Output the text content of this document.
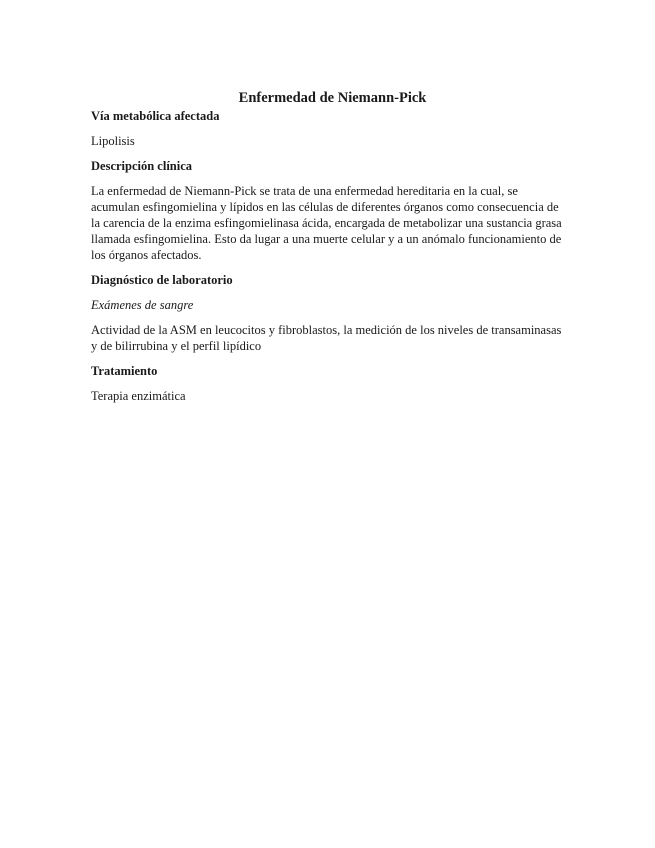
Enfermedad de Niemann-Pick

Vía metabólica afectada

Lipolisis

Descripción clínica

La enfermedad de Niemann-Pick se trata de una enfermedad hereditaria en la cual, se acumulan esfingomielina y lípidos en las células de diferentes órganos como consecuencia de la carencia de la enzima esfingomielinasa ácida, encargada de metabolizar una sustancia grasa llamada esfingomielina. Esto da lugar a una muerte celular y a un anómalo funcionamiento de los órganos afectados.

Diagnóstico de laboratorio

Exámenes de sangre

Actividad de la ASM en leucocitos y fibroblastos, la medición de los niveles de transaminasas y de bilirrubina y el perfil lipídico

Tratamiento

Terapia enzimática
